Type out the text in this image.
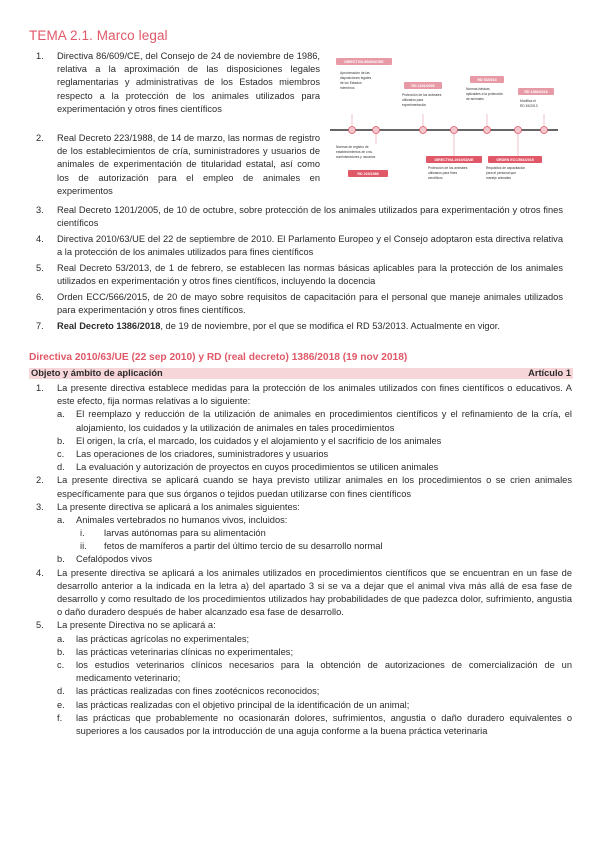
TEMA 2.1. Marco legal
DIRECTIVA 86/609/CEE
Aproximación de las disposiciones legales de los Estados miembros
RD 223/1988
Normas de registro de establecimientos de cría, suministradores y usuarios
RD 1201/2005
Protección de los animales utilizados para experimentación
DIRECTIVA 2010/63/UE
Protección de los animales utilizados para fines científicos
RD 53/2013
Normas básicas aplicables a la protección de animales
ORDEN ECC/566/2015
Requisitos de capacitación para el personal que maneje animales
RD 1386/2018
Modifica el RD 53/2013
1. Directiva 86/609/CE, del Consejo de 24 de noviembre de 1986, relativa a la aproximación de las disposiciones legales reglamentarias y administrativas de los Estados miembros respecto a la protección de los animales utilizados para experimentación y otros fines científicos
2. Real Decreto 223/1988, de 14 de marzo, las normas de registro de los establecimientos de cría, suministradores y usuarios de animales de experimentación de titularidad estatal, así como los de autorización para el empleo de animales en experimentos
3. Real Decreto 1201/2005, de 10 de octubre, sobre protección de los animales utilizados para experimentación y otros fines científicos
4. Directiva 2010/63/UE del 22 de septiembre de 2010. El Parlamento Europeo y el Consejo adoptaron esta directiva relativa a la protección de los animales utilizados para fines científicos
5. Real Decreto 53/2013, de 1 de febrero, se establecen las normas básicas aplicables para la protección de los animales utilizados en experimentación y otros fines científicos, incluyendo la docencia
6. Orden ECC/566/2015, de 20 de mayo sobre requisitos de capacitación para el personal que maneje animales utilizados para experimentación y otros fines científicos.
7. Real Decreto 1386/2018, de 19 de noviembre, por el que se modifica el RD 53/2013. Actualmente en vigor.
Directiva 2010/63/UE (22 sep 2010) y RD (real decreto) 1386/2018 (19 nov 2018)
Objeto y ámbito de aplicación	Artículo 1
1. La presente directiva establece medidas para la protección de los animales utilizados con fines científicos o educativos. A este efecto, fija normas relativas a lo siguiente:
a. El reemplazo y reducción de la utilización de animales en procedimientos científicos y el refinamiento de la cría, el alojamiento, los cuidados y la utilización de animales en tales procedimientos
b. El origen, la cría, el marcado, los cuidados y el alojamiento y el sacrificio de los animales
c. Las operaciones de los criadores, suministradores y usuarios
d. La evaluación y autorización de proyectos en cuyos procedimientos se utilicen animales
2. La presente directiva se aplicará cuando se haya previsto utilizar animales en los procedimientos o se crien animales específicamente para que sus órganos o tejidos puedan utilizarse con fines científicos
3. La presente directiva se aplicará a los animales siguientes:
a. Animales vertebrados no humanos vivos, incluidos:
i. larvas autónomas para su alimentación
ii. fetos de mamíferos a partir del último tercio de su desarrollo normal
b. Cefalópodos vivos
4. La presente directiva se aplicará a los animales utilizados en procedimientos científicos que se encuentran en un fase de desarrollo anterior a la indicada en la letra a) del apartado 3 si se va a dejar que el animal viva más allá de esa fase de desarrollo y como resultado de los procedimientos utilizados hay probabilidades de que padezca dolor, sufrimiento, angustia o daño duradero después de haber alcanzado esa fase de desarrollo.
5. La presente Directiva no se aplicará a:
a. las prácticas agrícolas no experimentales;
b. las prácticas veterinarias clínicas no experimentales;
c. los estudios veterinarios clínicos necesarios para la obtención de autorizaciones de comercialización de un medicamento veterinario;
d. las prácticas realizadas con fines zootécnicos reconocidos;
e. las prácticas realizadas con el objetivo principal de la identificación de un animal;
f. las prácticas que probablemente no ocasionarán dolores, sufrimientos, angustia o daño duradero equivalentes o superiores a los causados por la introducción de una aguja conforme a la buena práctica veterinaria
